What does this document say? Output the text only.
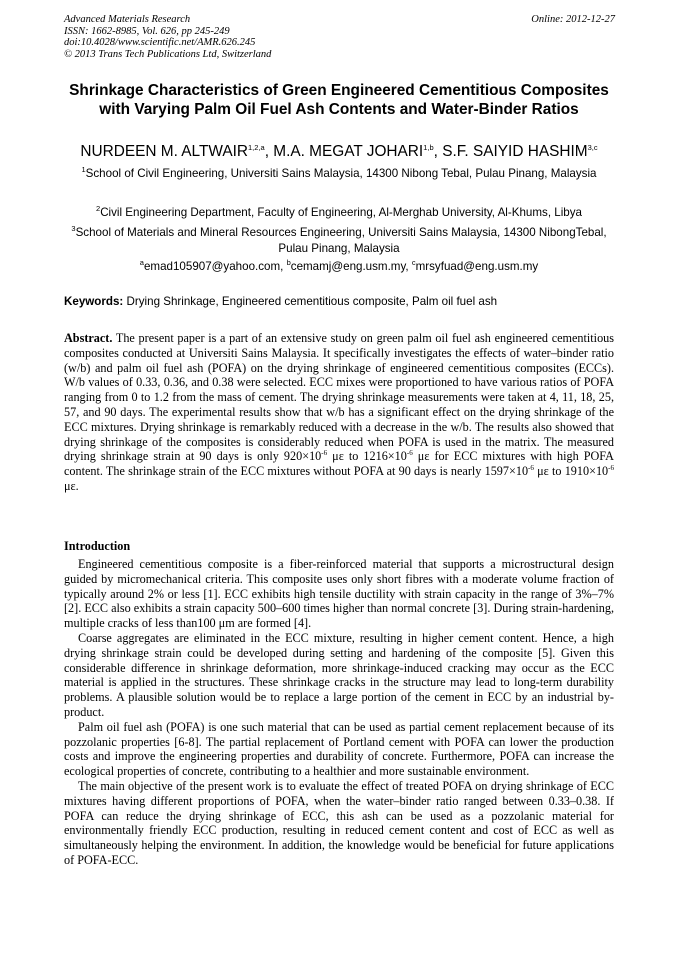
Advanced Materials Research
ISSN: 1662-8985, Vol. 626, pp 245-249
doi:10.4028/www.scientific.net/AMR.626.245
© 2013 Trans Tech Publications Ltd, Switzerland
Online: 2012-12-27
Shrinkage Characteristics of Green Engineered Cementitious Composites with Varying Palm Oil Fuel Ash Contents and Water-Binder Ratios

NURDEEN M. ALTWAIR$^{1,2,a}$, M.A. MEGAT JOHARI$^{1,b}$, S.F. SAIYID HASHIM$^{3,c}$

$^1$School of Civil Engineering, Universiti Sains Malaysia, 14300 Nibong Tebal, Pulau Pinang, Malaysia

$^2$Civil Engineering Department, Faculty of Engineering, Al-Merghab University, Al-Khums, Libya

$^3$School of Materials and Mineral Resources Engineering, Universiti Sains Malaysia, 14300 NibongTebal, Pulau Pinang, Malaysia

$^a$emad105907@yahoo.com, $^b$cemamj@eng.usm.my, $^c$mrsyfuad@eng.usm.my

Keywords: Drying Shrinkage, Engineered cementitious composite, Palm oil fuel ash

Abstract. The present paper is a part of an extensive study on green palm oil fuel ash engineered cementitious composites conducted at Universiti Sains Malaysia. It specifically investigates the effects of water–binder ratio (w/b) and palm oil fuel ash (POFA) on the drying shrinkage of engineered cementitious composites (ECCs). W/b values of 0.33, 0.36, and 0.38 were selected. ECC mixes were proportioned to have various ratios of POFA ranging from 0 to 1.2 from the mass of cement. The drying shrinkage measurements were taken at 4, 11, 18, 25, 57, and 90 days. The experimental results show that w/b has a significant effect on the drying shrinkage of the ECC mixtures. Drying shrinkage is remarkably reduced with a decrease in the w/b. The results also showed that drying shrinkage of the composites is considerably reduced when POFA is used in the matrix. The measured drying shrinkage strain at 90 days is only $920\times 10^{-6}$ με to $1216\times 10^{-6}$ με for ECC mixtures with high POFA content. The shrinkage strain of the ECC mixtures without POFA at 90 days is nearly $1597\times 10^{-6}$ με to $1910\times 10^{-6}$ με.

Introduction

Engineered cementitious composite is a fiber-reinforced material that supports a microstructural design guided by micromechanical criteria. This composite uses only short fibres with a moderate volume fraction of typically around 2% or less [1]. ECC exhibits high tensile ductility with strain capacity in the range of 3%–7% [2]. ECC also exhibits a strain capacity 500–600 times higher than normal concrete [3]. During strain-hardening, multiple cracks of less than100 μm are formed [4].

Coarse aggregates are eliminated in the ECC mixture, resulting in higher cement content. Hence, a high drying shrinkage strain could be developed during setting and hardening of the composite [5]. Given this considerable difference in shrinkage deformation, more shrinkage-induced cracking may occur as the ECC material is applied in the structures. These shrinkage cracks in the structure may lead to long-term durability problems. A plausible solution would be to replace a large portion of the cement in ECC by an industrial by-product.

Palm oil fuel ash (POFA) is one such material that can be used as partial cement replacement because of its pozzolanic properties [6-8]. The partial replacement of Portland cement with POFA can lower the production costs and improve the engineering properties and durability of concrete. Furthermore, POFA can increase the ecological properties of concrete, contributing to a healthier and more sustainable environment.

The main objective of the present work is to evaluate the effect of treated POFA on drying shrinkage of ECC mixtures having different proportions of POFA, when the water–binder ratio ranged between 0.33–0.38. If POFA can reduce the drying shrinkage of ECC, this ash can be used as a pozzolanic material for environmentally friendly ECC production, resulting in reduced cement content and cost of ECC as well as simultaneously helping the environment. In addition, the knowledge would be beneficial for future applications of POFA-ECC.
